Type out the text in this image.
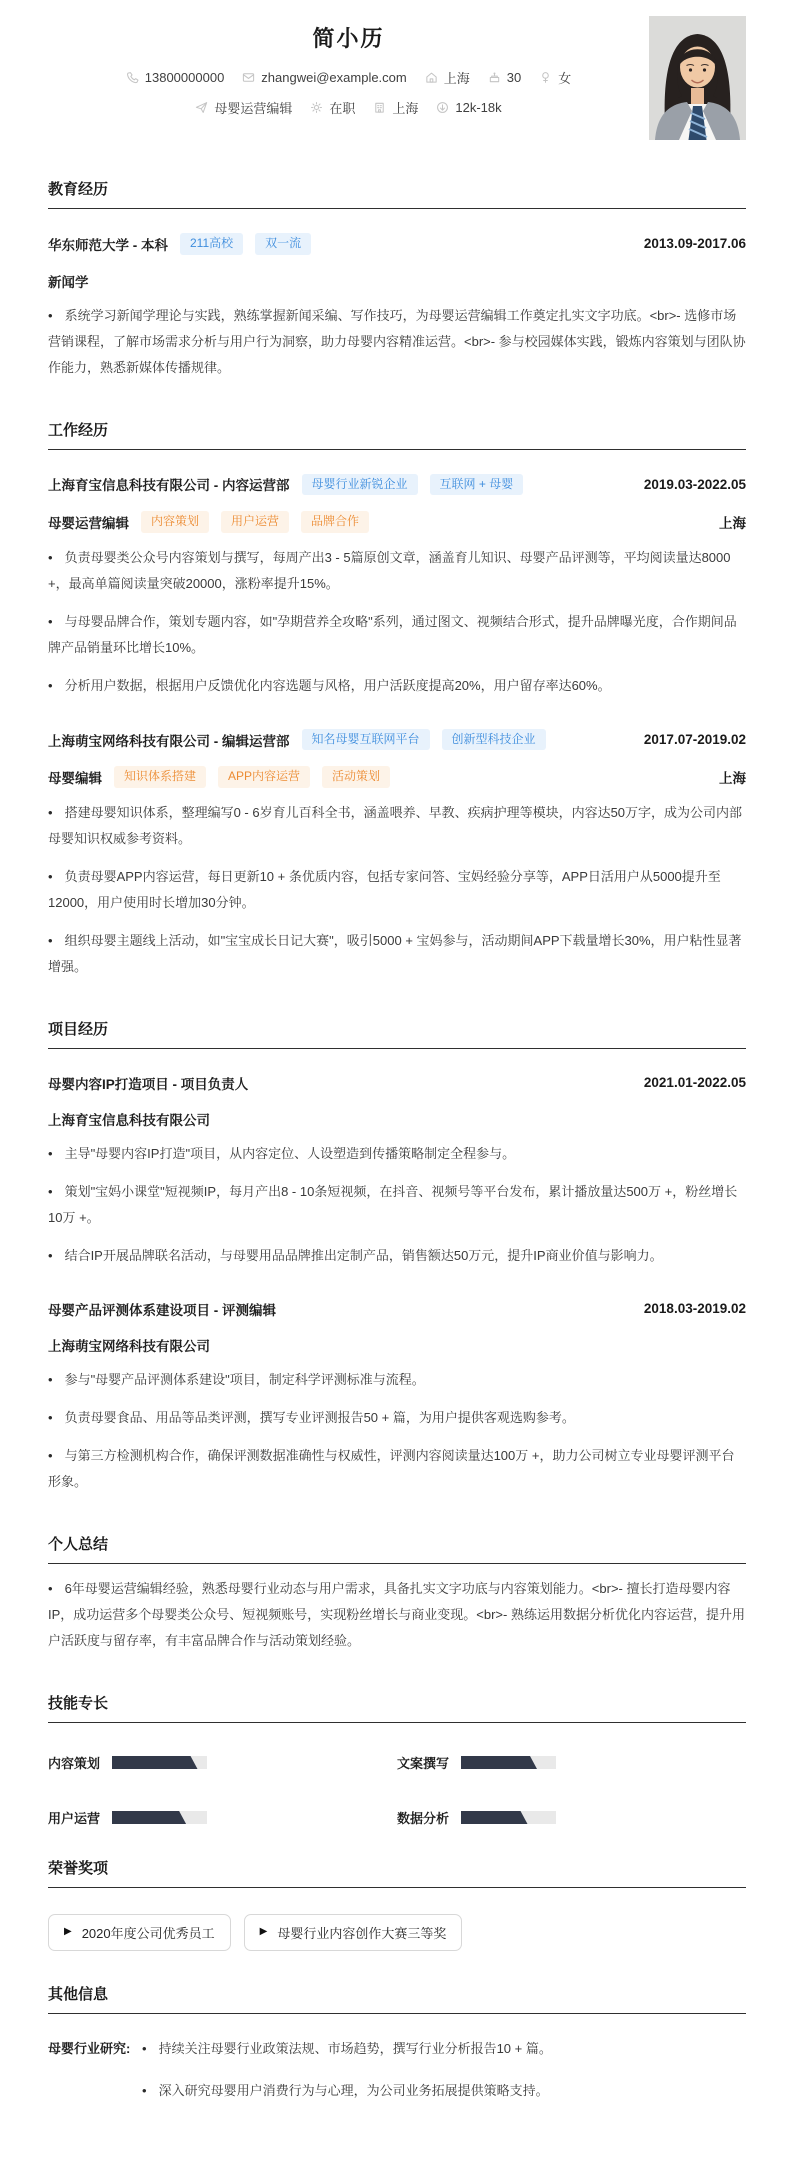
简小历
13800000000	zhangwei@example.com	上海	30	女
母婴运营编辑	在职	上海	12k-18k
教育经历
华东师范大学 - 本科	211高校	双一流	2013.09-2017.06
新闻学
• 系统学习新闻学理论与实践，熟练掌握新闻采编、写作技巧，为母婴运营编辑工作奠定扎实文字功底。<br>- 选修市场营销课程，了解市场需求分析与用户行为洞察，助力母婴内容精准运营。<br>- 参与校园媒体实践，锻炼内容策划与团队协作能力，熟悉新媒体传播规律。
工作经历
上海育宝信息科技有限公司 - 内容运营部	母婴行业新锐企业	互联网 + 母婴	2019.03-2022.05
母婴运营编辑	内容策划	用户运营	品牌合作	上海
• 负责母婴类公众号内容策划与撰写，每周产出3 - 5篇原创文章，涵盖育儿知识、母婴产品评测等，平均阅读量达8000 +，最高单篇阅读量突破20000，涨粉率提升15%。
• 与母婴品牌合作，策划专题内容，如"孕期营养全攻略"系列，通过图文、视频结合形式，提升品牌曝光度，合作期间品牌产品销量环比增长10%。
• 分析用户数据，根据用户反馈优化内容选题与风格，用户活跃度提高20%，用户留存率达60%。
上海萌宝网络科技有限公司 - 编辑运营部	知名母婴互联网平台	创新型科技企业	2017.07-2019.02
母婴编辑	知识体系搭建	APP内容运营	活动策划	上海
• 搭建母婴知识体系，整理编写0 - 6岁育儿百科全书，涵盖喂养、早教、疾病护理等模块，内容达50万字，成为公司内部母婴知识权威参考资料。
• 负责母婴APP内容运营，每日更新10 + 条优质内容，包括专家问答、宝妈经验分享等，APP日活用户从5000提升至12000，用户使用时长增加30分钟。
• 组织母婴主题线上活动，如"宝宝成长日记大赛"，吸引5000 + 宝妈参与，活动期间APP下载量增长30%，用户粘性显著增强。
项目经历
母婴内容IP打造项目 - 项目负责人	2021.01-2022.05
上海育宝信息科技有限公司
• 主导"母婴内容IP打造"项目，从内容定位、人设塑造到传播策略制定全程参与。
• 策划"宝妈小课堂"短视频IP，每月产出8 - 10条短视频，在抖音、视频号等平台发布，累计播放量达500万 +，粉丝增长10万 +。
• 结合IP开展品牌联名活动，与母婴用品品牌推出定制产品，销售额达50万元，提升IP商业价值与影响力。
母婴产品评测体系建设项目 - 评测编辑	2018.03-2019.02
上海萌宝网络科技有限公司
• 参与"母婴产品评测体系建设"项目，制定科学评测标准与流程。
• 负责母婴食品、用品等品类评测，撰写专业评测报告50 + 篇，为用户提供客观选购参考。
• 与第三方检测机构合作，确保评测数据准确性与权威性，评测内容阅读量达100万 +，助力公司树立专业母婴评测平台形象。
个人总结
• 6年母婴运营编辑经验，熟悉母婴行业动态与用户需求，具备扎实文字功底与内容策划能力。<br>- 擅长打造母婴内容IP，成功运营多个母婴类公众号、短视频账号，实现粉丝增长与商业变现。<br>- 熟练运用数据分析优化内容运营，提升用户活跃度与留存率，有丰富品牌合作与活动策划经验。
技能专长
内容策划	文案撰写
用户运营	数据分析
荣誉奖项
▶ 2020年度公司优秀员工	▶ 母婴行业内容创作大赛三等奖
其他信息
母婴行业研究: • 持续关注母婴行业政策法规、市场趋势，撰写行业分析报告10 + 篇。
• 深入研究母婴用户消费行为与心理，为公司业务拓展提供策略支持。
